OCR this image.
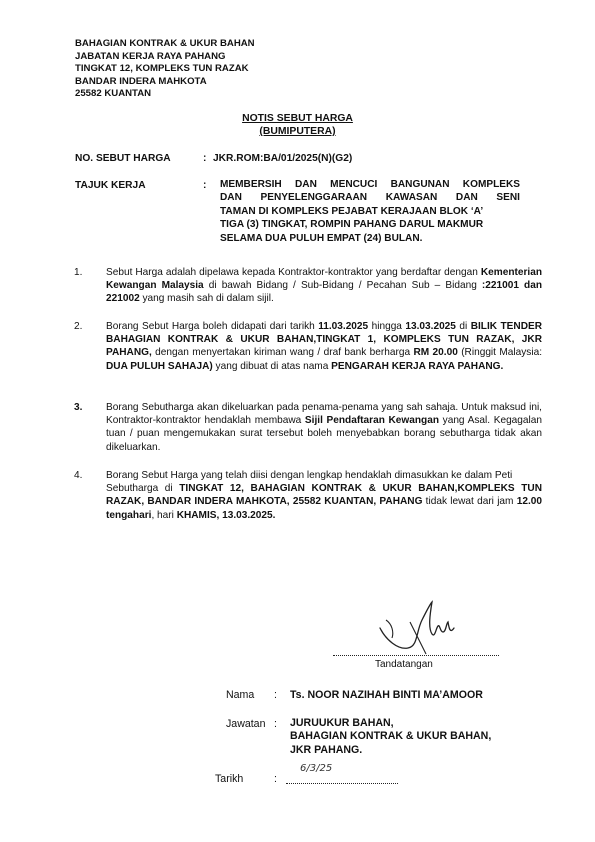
BAHAGIAN KONTRAK & UKUR BAHAN
JABATAN KERJA RAYA PAHANG
TINGKAT 12, KOMPLEKS TUN RAZAK
BANDAR INDERA MAHKOTA
25582 KUANTAN
NOTIS SEBUT HARGA
(BUMIPUTERA)
NO. SEBUT HARGA	: JKR.ROM:BA/01/2025(N)(G2)
TAJUK KERJA	: MEMBERSIH DAN MENCUCI BANGUNAN KOMPLEKS
DAN PENYELENGGARAAN KAWASAN DAN SENI
TAMAN DI KOMPLEKS PEJABAT KERAJAAN BLOK ‘A’
TIGA (3) TINGKAT, ROMPIN PAHANG DARUL MAKMUR
SELAMA DUA PULUH EMPAT (24) BULAN.
1. Sebut Harga adalah dipelawa kepada Kontraktor-kontraktor yang berdaftar dengan Kementerian Kewangan Malaysia di bawah Bidang / Sub-Bidang / Pecahan Sub – Bidang :221001 dan 221002 yang masih sah di dalam sijil.
2. Borang Sebut Harga boleh didapati dari tarikh 11.03.2025 hingga 13.03.2025 di BILIK TENDER BAHAGIAN KONTRAK & UKUR BAHAN,TINGKAT 1, KOMPLEKS TUN RAZAK, JKR PAHANG, dengan menyertakan kiriman wang / draf bank berharga RM 20.00 (Ringgit Malaysia: DUA PULUH SAHAJA) yang dibuat di atas nama PENGARAH KERJA RAYA PAHANG.
3. Borang Sebutharga akan dikeluarkan pada penama-penama yang sah sahaja. Untuk maksud ini, Kontraktor-kontraktor hendaklah membawa Sijil Pendaftaran Kewangan yang Asal. Kegagalan tuan / puan mengemukakan surat tersebut boleh menyebabkan borang sebutharga tidak akan dikeluarkan.
4. Borang Sebut Harga yang telah diisi dengan lengkap hendaklah dimasukkan ke dalam Peti
Sebutharga di TINGKAT 12, BAHAGIAN KONTRAK & UKUR BAHAN,KOMPLEKS TUN RAZAK, BANDAR INDERA MAHKOTA, 25582 KUANTAN, PAHANG tidak lewat dari jam 12.00 tengahari, hari KHAMIS, 13.03.2025.
Tandatangan
Nama : Ts. NOOR NAZIHAH BINTI MA’AMOOR
Jawatan : JURUUKUR BAHAN,
BAHAGIAN KONTRAK & UKUR BAHAN,
JKR PAHANG.
Tarikh	:
6/3/25
